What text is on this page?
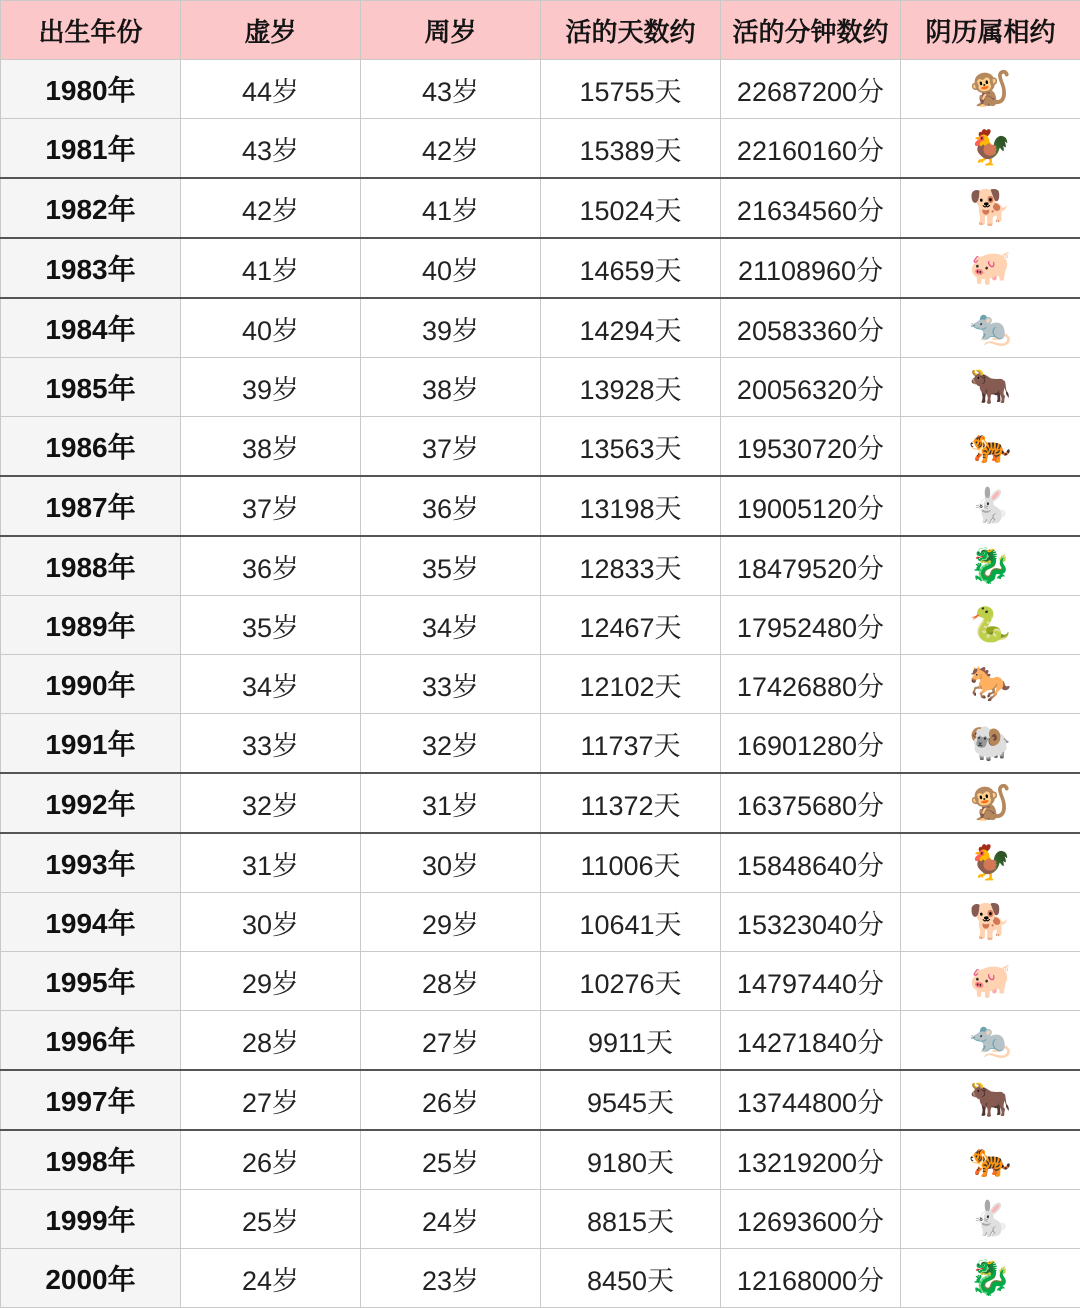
出生年份	虚岁	周岁	活的天数约	活的分钟数约	阴历属相约
1980年	44岁	43岁	15755天	22687200分	🐒
1981年	43岁	42岁	15389天	22160160分	🐓
1982年	42岁	41岁	15024天	21634560分	🐕
1983年	41岁	40岁	14659天	21108960分	🐖
1984年	40岁	39岁	14294天	20583360分	🐀
1985年	39岁	38岁	13928天	20056320分	🐂
1986年	38岁	37岁	13563天	19530720分	🐅
1987年	37岁	36岁	13198天	19005120分	🐇
1988年	36岁	35岁	12833天	18479520分	🐉
1989年	35岁	34岁	12467天	17952480分	🐍
1990年	34岁	33岁	12102天	17426880分	🐎
1991年	33岁	32岁	11737天	16901280分	🐏
1992年	32岁	31岁	11372天	16375680分	🐒
1993年	31岁	30岁	11006天	15848640分	🐓
1994年	30岁	29岁	10641天	15323040分	🐕
1995年	29岁	28岁	10276天	14797440分	🐖
1996年	28岁	27岁	9911天	14271840分	🐀
1997年	27岁	26岁	9545天	13744800分	🐂
1998年	26岁	25岁	9180天	13219200分	🐅
1999年	25岁	24岁	8815天	12693600分	🐇
2000年	24岁	23岁	8450天	12168000分	🐉
